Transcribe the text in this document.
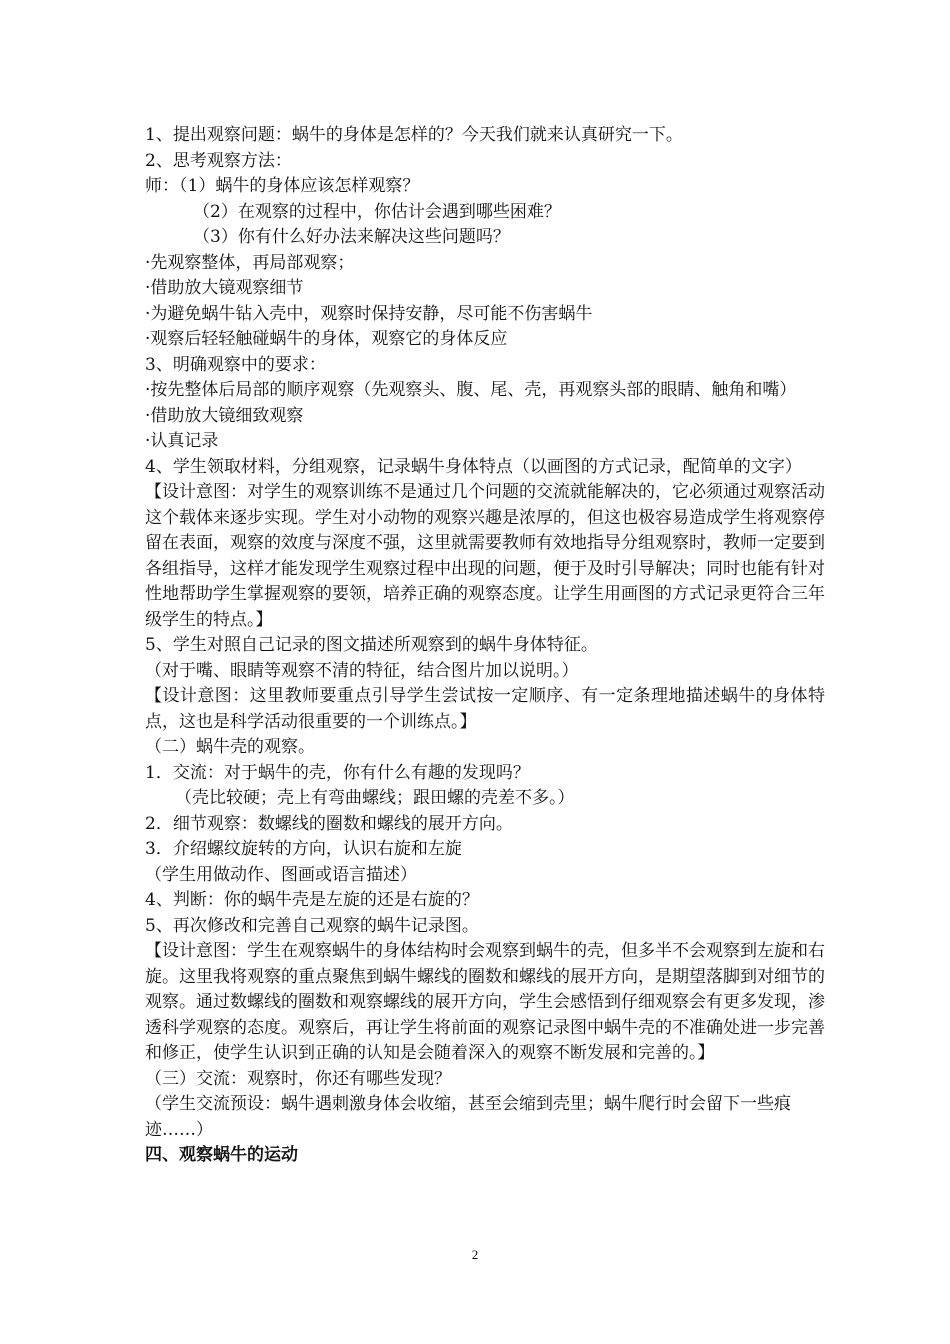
1、提出观察问题：蜗牛的身体是怎样的？今天我们就来认真研究一下。

2、思考观察方法：

师：（1）蜗牛的身体应该怎样观察？

（2）在观察的过程中，你估计会遇到哪些困难？

（3）你有什么好办法来解决这些问题吗？

·先观察整体，再局部观察；

·借助放大镜观察细节

·为避免蜗牛钻入壳中，观察时保持安静，尽可能不伤害蜗牛

·观察后轻轻触碰蜗牛的身体，观察它的身体反应

3、明确观察中的要求：

·按先整体后局部的顺序观察（先观察头、腹、尾、壳，再观察头部的眼睛、触角和嘴）

·借助放大镜细致观察

·认真记录

4、学生领取材料，分组观察，记录蜗牛身体特点（以画图的方式记录，配简单的文字）

【设计意图：对学生的观察训练不是通过几个问题的交流就能解决的，它必须通过观察活动这个载体来逐步实现。学生对小动物的观察兴趣是浓厚的，但这也极容易造成学生将观察停留在表面，观察的效度与深度不强，这里就需要教师有效地指导分组观察时，教师一定要到各组指导，这样才能发现学生观察过程中出现的问题，便于及时引导解决；同时也能有针对性地帮助学生掌握观察的要领，培养正确的观察态度。让学生用画图的方式记录更符合三年级学生的特点。】

5、学生对照自己记录的图文描述所观察到的蜗牛身体特征。

（对于嘴、眼睛等观察不清的特征，结合图片加以说明。）

【设计意图：这里教师要重点引导学生尝试按一定顺序、有一定条理地描述蜗牛的身体特点，这也是科学活动很重要的一个训练点。】

（二）蜗牛壳的观察。

1．交流：对于蜗牛的壳，你有什么有趣的发现吗？

（壳比较硬；壳上有弯曲螺线；跟田螺的壳差不多。）

2．细节观察：数螺线的圈数和螺线的展开方向。

3．介绍螺纹旋转的方向，认识右旋和左旋

（学生用做动作、图画或语言描述）

4、判断：你的蜗牛壳是左旋的还是右旋的？

5、再次修改和完善自己观察的蜗牛记录图。

【设计意图：学生在观察蜗牛的身体结构时会观察到蜗牛的壳，但多半不会观察到左旋和右旋。这里我将观察的重点聚焦到蜗牛螺线的圈数和螺线的展开方向，是期望落脚到对细节的观察。通过数螺线的圈数和观察螺线的展开方向，学生会感悟到仔细观察会有更多发现，渗透科学观察的态度。观察后，再让学生将前面的观察记录图中蜗牛壳的不准确处进一步完善和修正，使学生认识到正确的认知是会随着深入的观察不断发展和完善的。】

（三）交流：观察时，你还有哪些发现？

（学生交流预设：蜗牛遇刺激身体会收缩，甚至会缩到壳里；蜗牛爬行时会留下一些痕迹……）

四、观察蜗牛的运动

2
